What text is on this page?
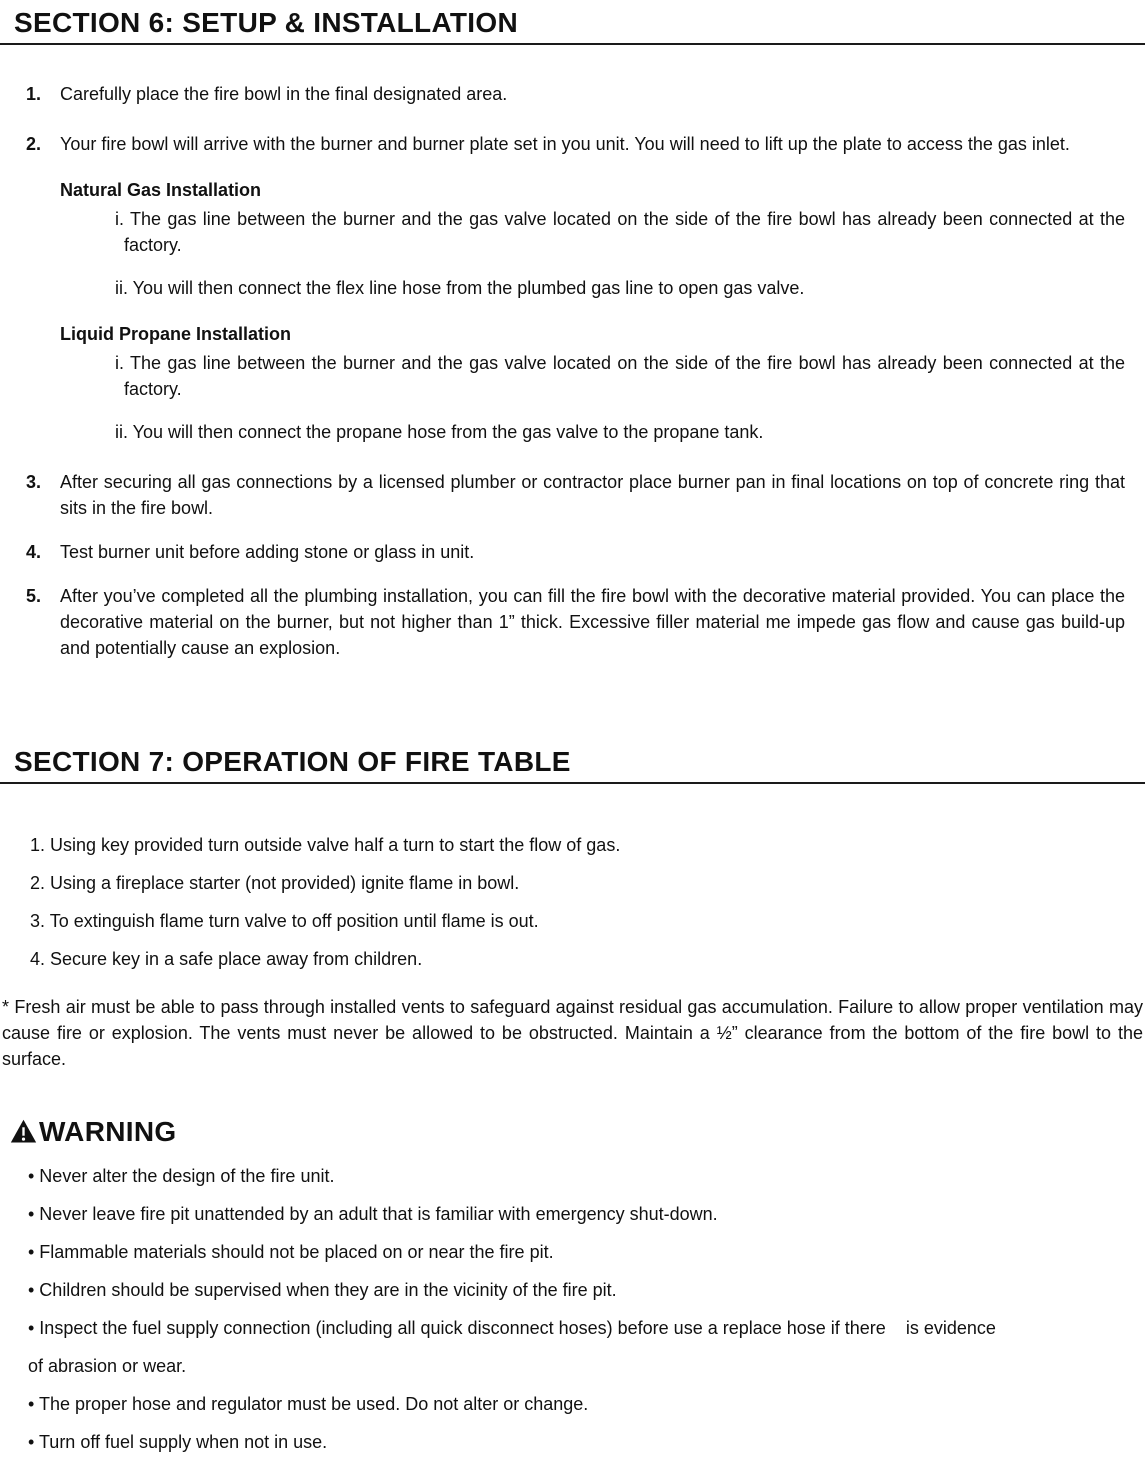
SECTION 6: SETUP & INSTALLATION
1.	Carefully place the fire bowl in the final designated area.
2.	Your fire bowl will arrive with the burner and burner plate set in you unit. You will need to lift up the plate to access the gas inlet.
Natural Gas Installation
i. The gas line between the burner and the gas valve located on the side of the fire bowl has already been connected at the factory.
ii. You will then connect the flex line hose from the plumbed gas line to open gas valve.
Liquid Propane Installation
i. The gas line between the burner and the gas valve located on the side of the fire bowl has already been connected at the factory.
ii. You will then connect the propane hose from the gas valve to the propane tank.
3.	After securing all gas connections by a licensed plumber or contractor place burner pan in final locations on top of concrete ring that sits in the fire bowl.
4.	Test burner unit before adding stone or glass in unit.
5.	After you’ve completed all the plumbing installation, you can fill the fire bowl with the decorative material provided. You can place the decorative material on the burner, but not higher than 1” thick. Excessive filler material me impede gas flow and cause gas build-up and potentially cause an explosion.
SECTION 7: OPERATION OF FIRE TABLE
1. Using key provided turn outside valve half a turn to start the flow of gas.
2. Using a fireplace starter (not provided) ignite flame in bowl.
3. To extinguish flame turn valve to off position until flame is out.
4. Secure key in a safe place away from children.
* Fresh air must be able to pass through installed vents to safeguard against residual gas accumulation. Failure to allow proper ventilation may cause fire or explosion. The vents must never be allowed to be obstructed. Maintain a ½” clearance from the bottom of the fire bowl to the surface.
WARNING
• Never alter the design of the fire unit.
• Never leave fire pit unattended by an adult that is familiar with emergency shut-down.
• Flammable materials should not be placed on or near the fire pit.
• Children should be supervised when they are in the vicinity of the fire pit.
• Inspect the fuel supply connection (including all quick disconnect hoses) before use a replace hose if there    is evidence
of abrasion or wear.
• The proper hose and regulator must be used. Do not alter or change.
• Turn off fuel supply when not in use.
